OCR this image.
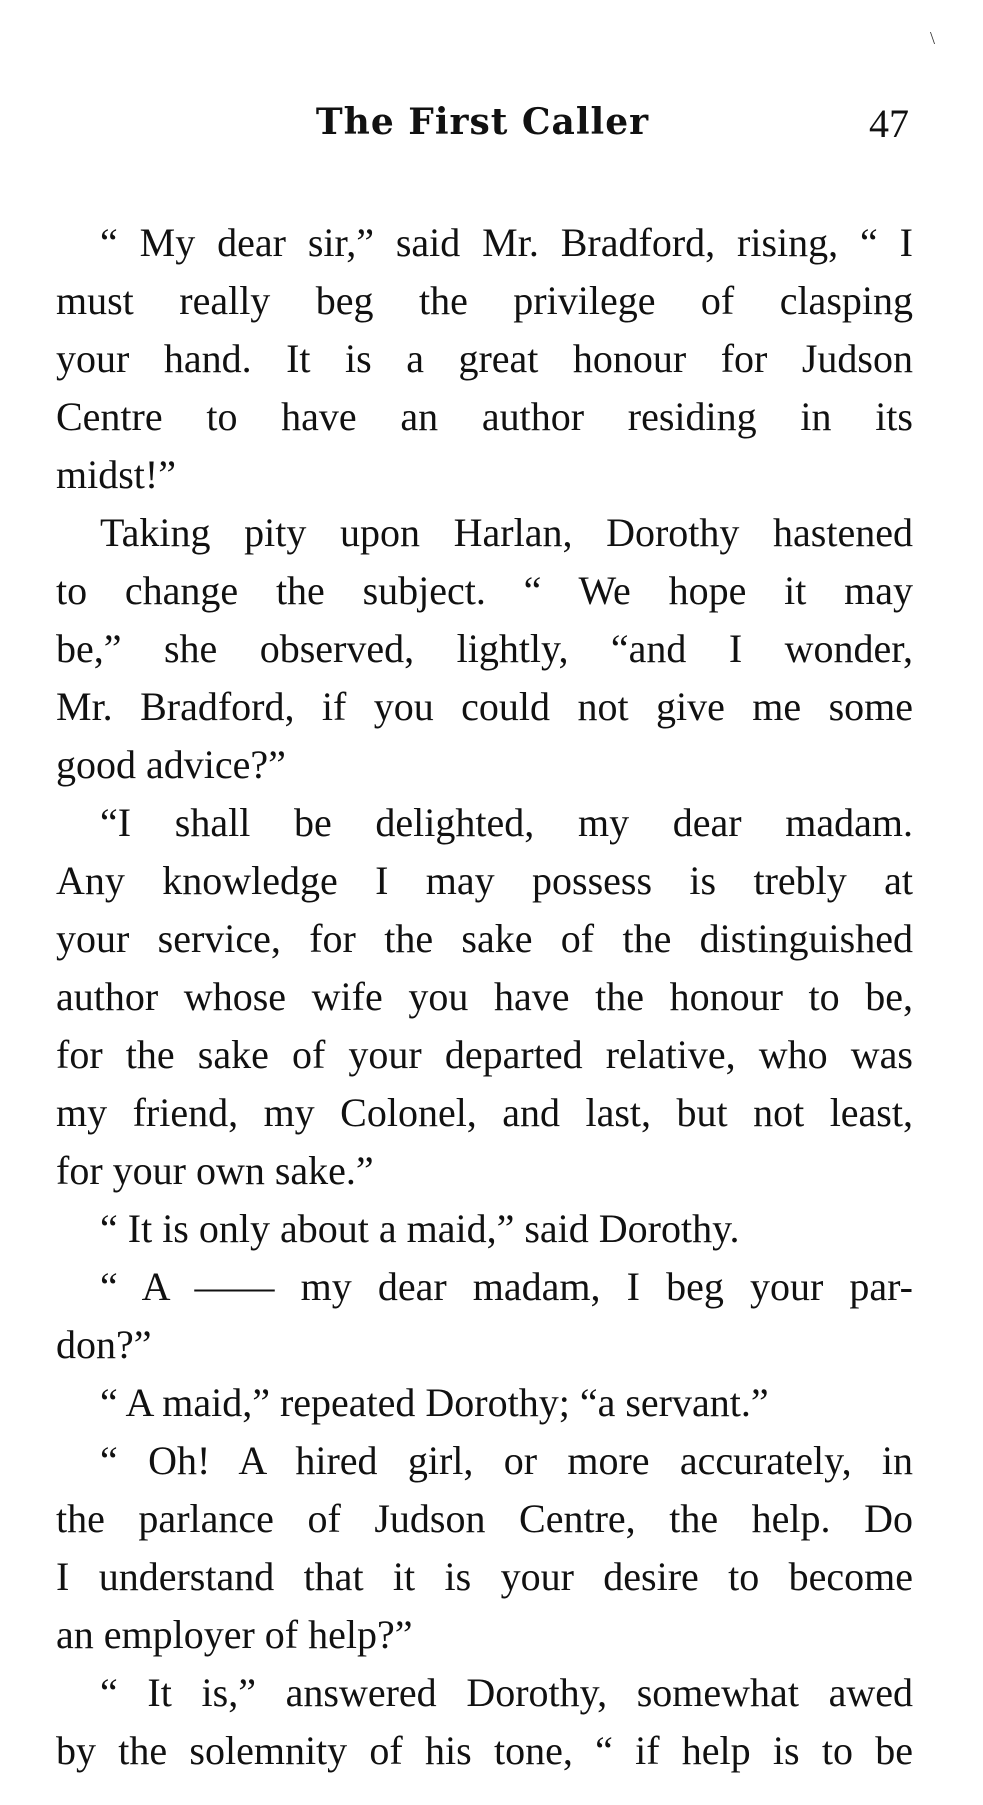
\
The First Caller	47
“ My dear sir,” said Mr. Bradford, rising, “ I
must really beg the privilege of clasping
your hand. It is a great honour for Judson
Centre to have an author residing in its
midst!”
Taking pity upon Harlan, Dorothy hastened
to change the subject. “ We hope it may
be,” she observed, lightly, “and I wonder,
Mr. Bradford, if you could not give me some
good advice?”
“I shall be delighted, my dear madam.
Any knowledge I may possess is trebly at
your service, for the sake of the distinguished
author whose wife you have the honour to be,
for the sake of your departed relative, who was
my friend, my Colonel, and last, but not least,
for your own sake.”
“ It is only about a maid,” said Dorothy.
“ A —— my dear madam, I beg your par-
don?”
“ A maid,” repeated Dorothy; “a servant.”
“ Oh! A hired girl, or more accurately, in
the parlance of Judson Centre, the help. Do
I understand that it is your desire to become
an employer of help?”
“ It is,” answered Dorothy, somewhat awed
by the solemnity of his tone, “ if help is to be
